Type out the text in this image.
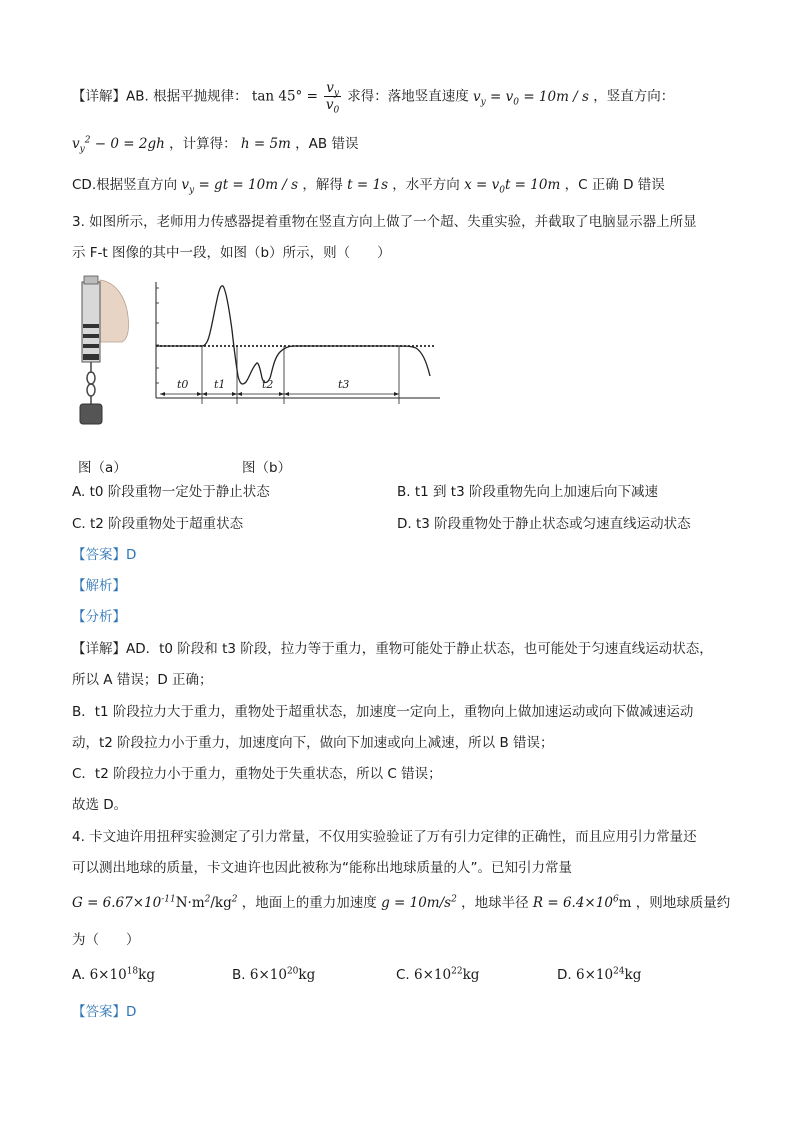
【详解】AB. 根据平抛规律： $\tan 45^\circ = \frac{v_y}{v_0}$ 求得：落地竖直速度 $v_y = v_0 = 10m / s$ ，竖直方向：
$v_y^2 - 0 = 2gh$ ，计算得： h = 5m ，AB 错误
CD.根据竖直方向 $v_y$ = gt = 10m / s ，解得 t = 1s ，水平方向 $x = v_0t = 10m$ ，C 正确 D 错误
3. 如图所示，老师用力传感器提着重物在竖直方向上做了一个超、失重实验，并截取了电脑显示器上所显
示 F-t 图像的其中一段，如图（b）所示，则（　　）
t0 t1	t2	t3
图（a）	图（b）
A. t0 阶段重物一定处于静止状态	B. t1 到 t3 阶段重物先向上加速后向下减速
C. t2 阶段重物处于超重状态	D. t3 阶段重物处于静止状态或匀速直线运动状态
【答案】D
【解析】
【分析】
【详解】AD．t0 阶段和 t3 阶段，拉力等于重力，重物可能处于静止状态，也可能处于匀速直线运动状态，
所以 A 错误；D 正确；
B．t1 阶段拉力大于重力，重物处于超重状态，加速度一定向上，重物向上做加速运动或向下做减速运动
动，t2 阶段拉力小于重力，加速度向下，做向下加速或向上减速，所以 B 错误；
C．t2 阶段拉力小于重力，重物处于失重状态，所以 C 错误；
故选 D。
4. 卡文迪许用扭秤实验测定了引力常量，不仅用实验验证了万有引力定律的正确性，而且应用引力常量还
可以测出地球的质量，卡文迪许也因此被称为“能称出地球质量的人”。已知引力常量
$G = 6.67\times 10^{-11}N\cdot m^2/kg^2$ ，地面上的重力加速度 $g = 10m/s^2$ ，地球半径 $R = 6.4\times 10^6m$ ，则地球质量约
为（　　）
A. $6\times 10^{18}kg$	B. $6\times 10^{20}kg$	C. $6\times 10^{22}kg$	D. $6\times 10^{24}kg$
【答案】D
